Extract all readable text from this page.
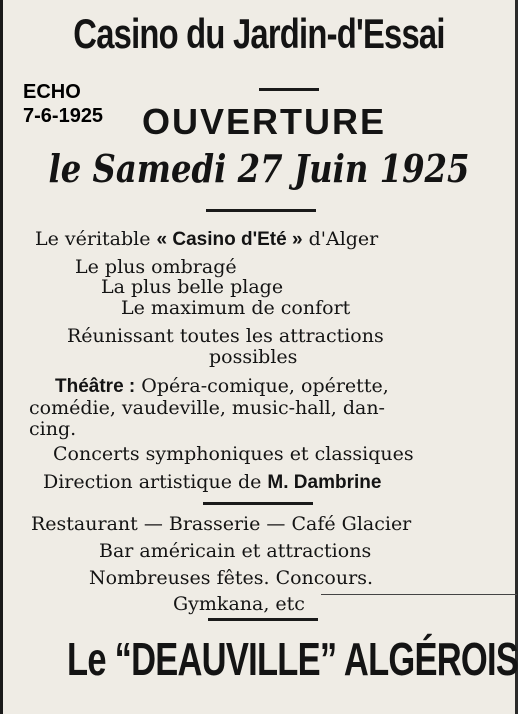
Casino du Jardin-d'Essai
ECHO
7-6-1925	OUVERTURE
le Samedi 27 Juin 1925
Le véritable « Casino d'Eté » d'Alger
Le plus ombragé
La plus belle plage
Le maximum de confort
Réunissant toutes les attractions
possibles
Théâtre : Opéra-comique, opérette,
comédie, vaudeville, music-hall, dan-
cing.
Concerts symphoniques et classiques
Direction artistique de M. Dambrine
Restaurant — Brasserie — Café Glacier
Bar américain et attractions
Nombreuses fêtes. Concours.
Gymkana, etc
Le “DEAUVILLE” ALGÉROIS
